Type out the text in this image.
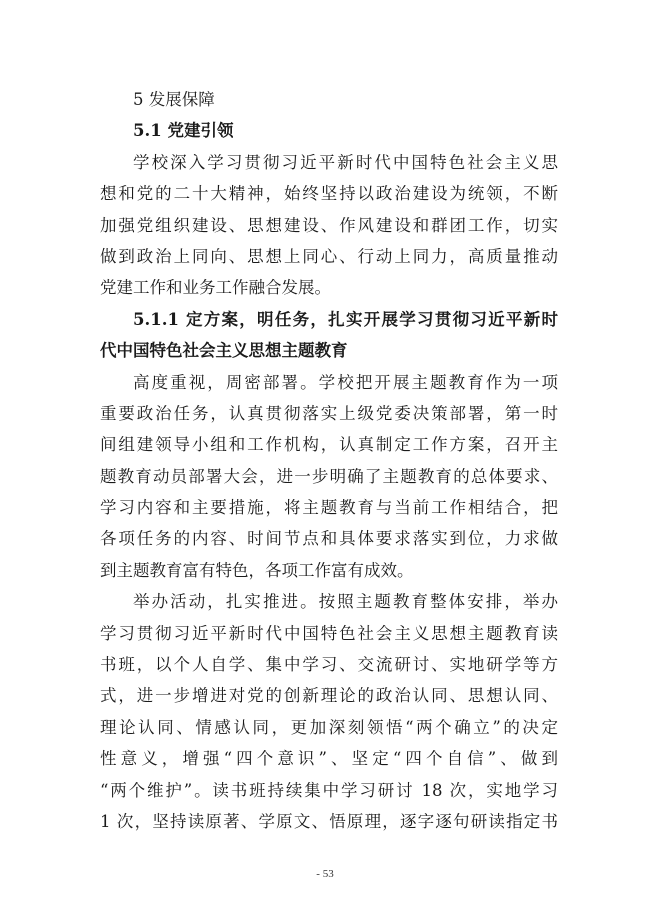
5 发展保障
5.1 党建引领
学校深入学习贯彻习近平新时代中国特色社会主义思
想和党的二十大精神，始终坚持以政治建设为统领，不断
加强党组织建设、思想建设、作风建设和群团工作，切实
做到政治上同向、思想上同心、行动上同力，高质量推动
党建工作和业务工作融合发展。
5.1.1 定方案，明任务，扎实开展学习贯彻习近平新时
代中国特色社会主义思想主题教育
高度重视，周密部署。学校把开展主题教育作为一项
重要政治任务，认真贯彻落实上级党委决策部署，第一时
间组建领导小组和工作机构，认真制定工作方案，召开主
题教育动员部署大会，进一步明确了主题教育的总体要求、
学习内容和主要措施，将主题教育与当前工作相结合，把
各项任务的内容、时间节点和具体要求落实到位，力求做
到主题教育富有特色，各项工作富有成效。
举办活动，扎实推进。按照主题教育整体安排，举办
学习贯彻习近平新时代中国特色社会主义思想主题教育读
书班，以个人自学、集中学习、交流研讨、实地研学等方
式，进一步增进对党的创新理论的政治认同、思想认同、
理论认同、情感认同，更加深刻领悟“两个确立”的决定
性意义，增强“四个意识”、坚定“四个自信”、做到
“两个维护”。读书班持续集中学习研讨 18 次，实地学习
1 次，坚持读原著、学原文、悟原理，逐字逐句研读指定书
- 53
